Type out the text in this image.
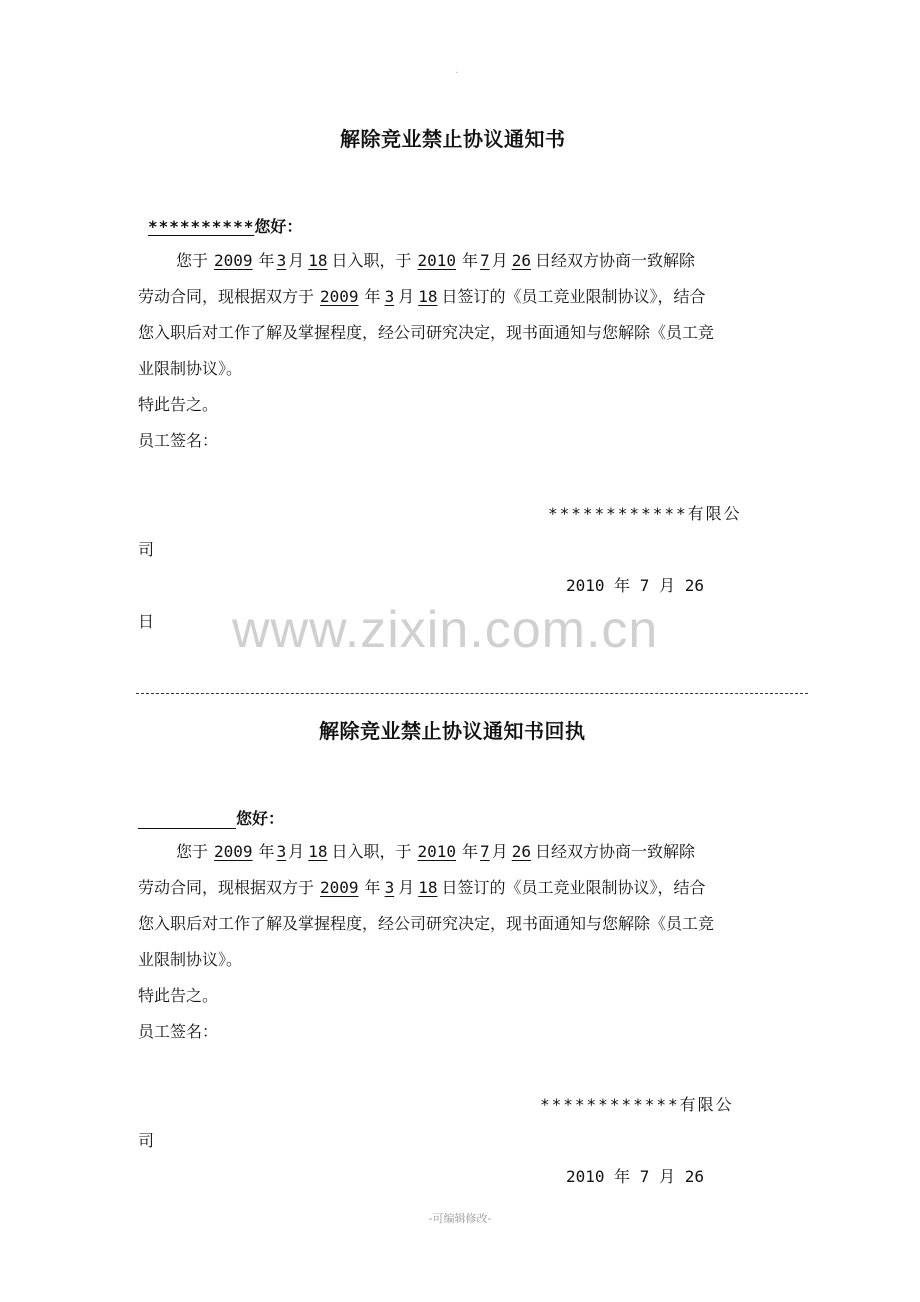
·
解除竞业禁止协议通知书
**********您好：
您于 2009 年 3 月 18 日入职，于 2010 年 7 月 26 日经双方协商一致解除
劳动合同，现根据双方于 2009 年 3 月 18 日签订的《员工竞业限制协议》，结合
您入职后对工作了解及掌握程度，经公司研究决定，现书面通知与您解除《员工竞
业限制协议》。
特此告之。
员工签名：
************有限公
司
2010 年 7 月 26
日 www.zixin.com.cn
解除竞业禁止协议通知书回执
您好：
您于 2009 年 3 月 18 日入职，于 2010 年 7 月 26 日经双方协商一致解除
劳动合同，现根据双方于 2009 年 3 月 18 日签订的《员工竞业限制协议》，结合
您入职后对工作了解及掌握程度，经公司研究决定，现书面通知与您解除《员工竞
业限制协议》。
特此告之。
员工签名：
************有限公
司
2010 年 7 月 26
-可编辑修改-
